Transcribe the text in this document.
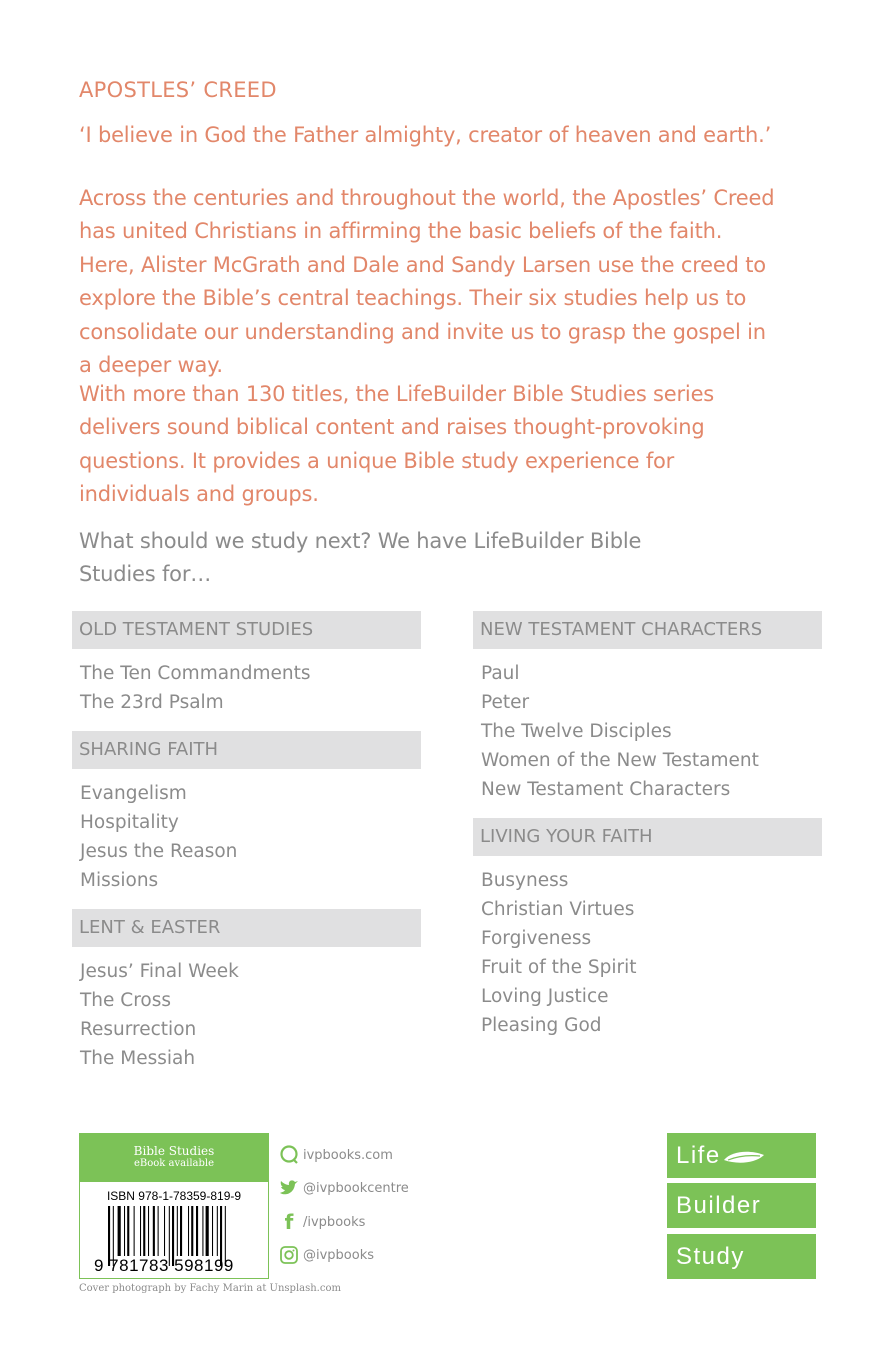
APOSTLES’ CREED
‘I believe in God the Father almighty, creator of heaven and earth.’
Across the centuries and throughout the world, the Apostles’ Creed has united Christians in affirming the basic beliefs of the faith. Here, Alister McGrath and Dale and Sandy Larsen use the creed to explore the Bible’s central teachings. Their six studies help us to consolidate our understanding and invite us to grasp the gospel in a deeper way.
With more than 130 titles, the LifeBuilder Bible Studies series delivers sound biblical content and raises thought-provoking questions. It provides a unique Bible study experience for individuals and groups.
What should we study next? We have LifeBuilder Bible Studies for…
OLD TESTAMENT STUDIES
The Ten Commandments
The 23rd Psalm
SHARING FAITH
Evangelism
Hospitality
Jesus the Reason
Missions
LENT & EASTER
Jesus’ Final Week
The Cross
Resurrection
The Messiah
NEW TESTAMENT CHARACTERS
Paul
Peter
The Twelve Disciples
Women of the New Testament
New Testament Characters
LIVING YOUR FAITH
Busyness
Christian Virtues
Forgiveness
Fruit of the Spirit
Loving Justice
Pleasing God
Bible Studies
eBook available
ISBN 978-1-78359-819-9
9 781783 598199
Cover photograph by Fachy Marin at Unsplash.com
ivpbooks.com
@ivpbookcentre
f /ivpbooks
@ivpbooks
Life
Builder
Study
